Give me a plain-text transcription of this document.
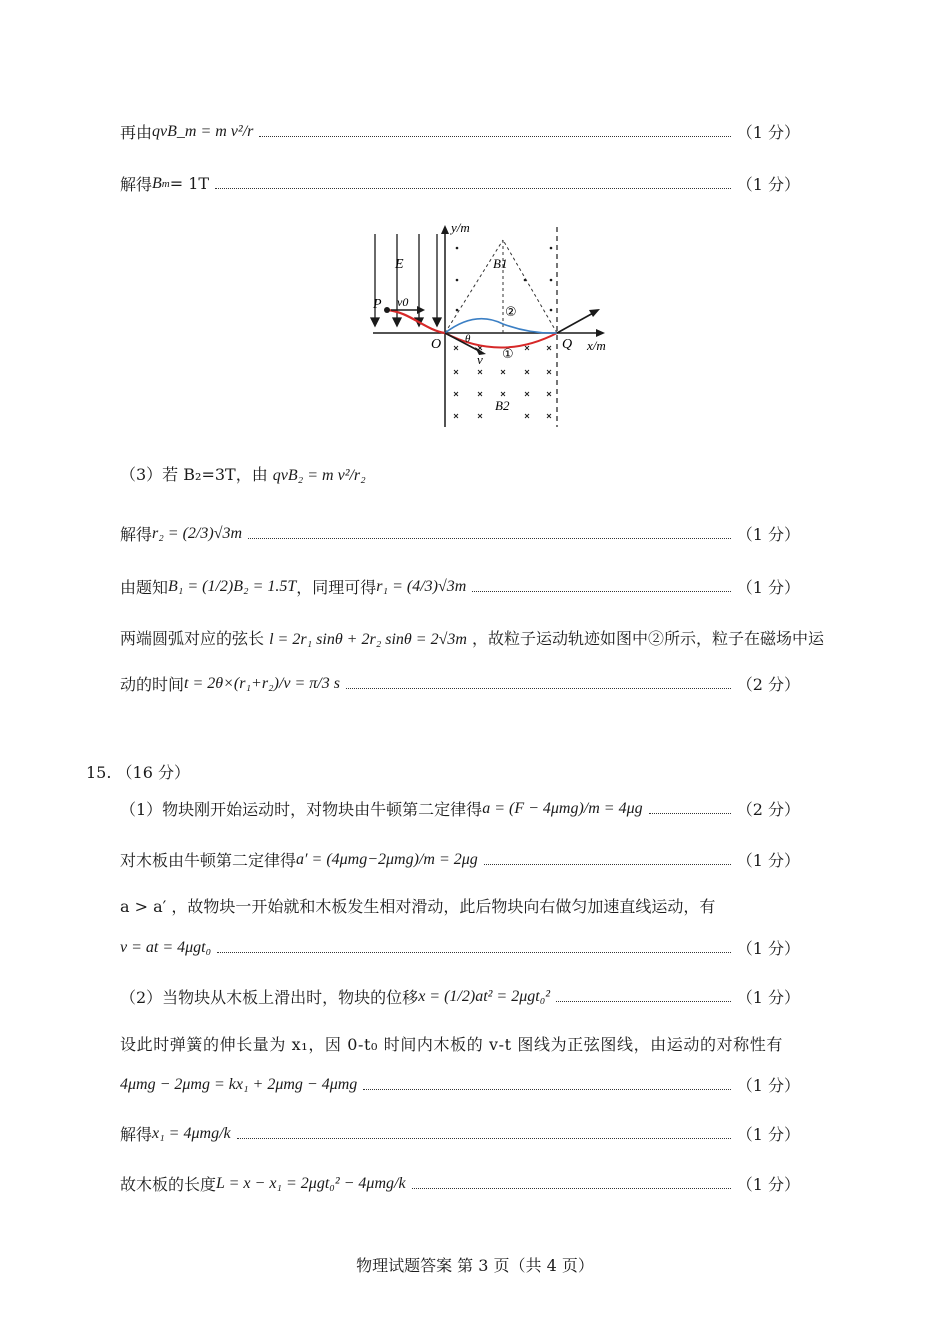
再由 qvB_m = m v²/r	（1 分）
解得 B m = 1T	（1 分）
y/m
x/m
E
P v0
O	Q
v
B1
B2
θ
①
②
（3）若 B₂=3T，由 qvB₂ = m v²/r₂
解得 r₂ = (2/3)√3m	（1 分）
由题知 B₁ = (1/2)B₂ = 1.5T ，同理可得 r₁ = (4/3)√3m	（1 分）
两端圆弧对应的弦长 l = 2r₁ sinθ + 2r₂ sinθ = 2√3m ，故粒子运动轨迹如图中②所示，粒子在磁场中运
动的时间 t = 2θ×(r₁+r₂)/v = π/3 s	（2 分）
15. （16 分）
（1）物块刚开始运动时，对物块由牛顿第二定律得 a = (F − 4μmg)/m = 4μg	（2 分）
对木板由牛顿第二定律得 a′ = (4μmg−2μmg)/m = 2μg	（1 分）
a > a′ ，故物块一开始就和木板发生相对滑动，此后物块向右做匀加速直线运动，有
v = at = 4μgt₀	（1 分）
（2）当物块从木板上滑出时，物块的位移 x = (1/2)at² = 2μgt₀²	（1 分）
设此时弹簧的伸长量为 x₁，因 0-t₀ 时间内木板的 v-t 图线为正弦图线，由运动的对称性有
4μmg − 2μmg = kx₁ + 2μmg − 4μmg	（1 分）
解得 x₁ = 4μmg/k	（1 分）
故木板的长度 L = x − x₁ = 2μgt₀² − 4μmg/k	（1 分）
物理试题答案 第 3 页（共 4 页）
